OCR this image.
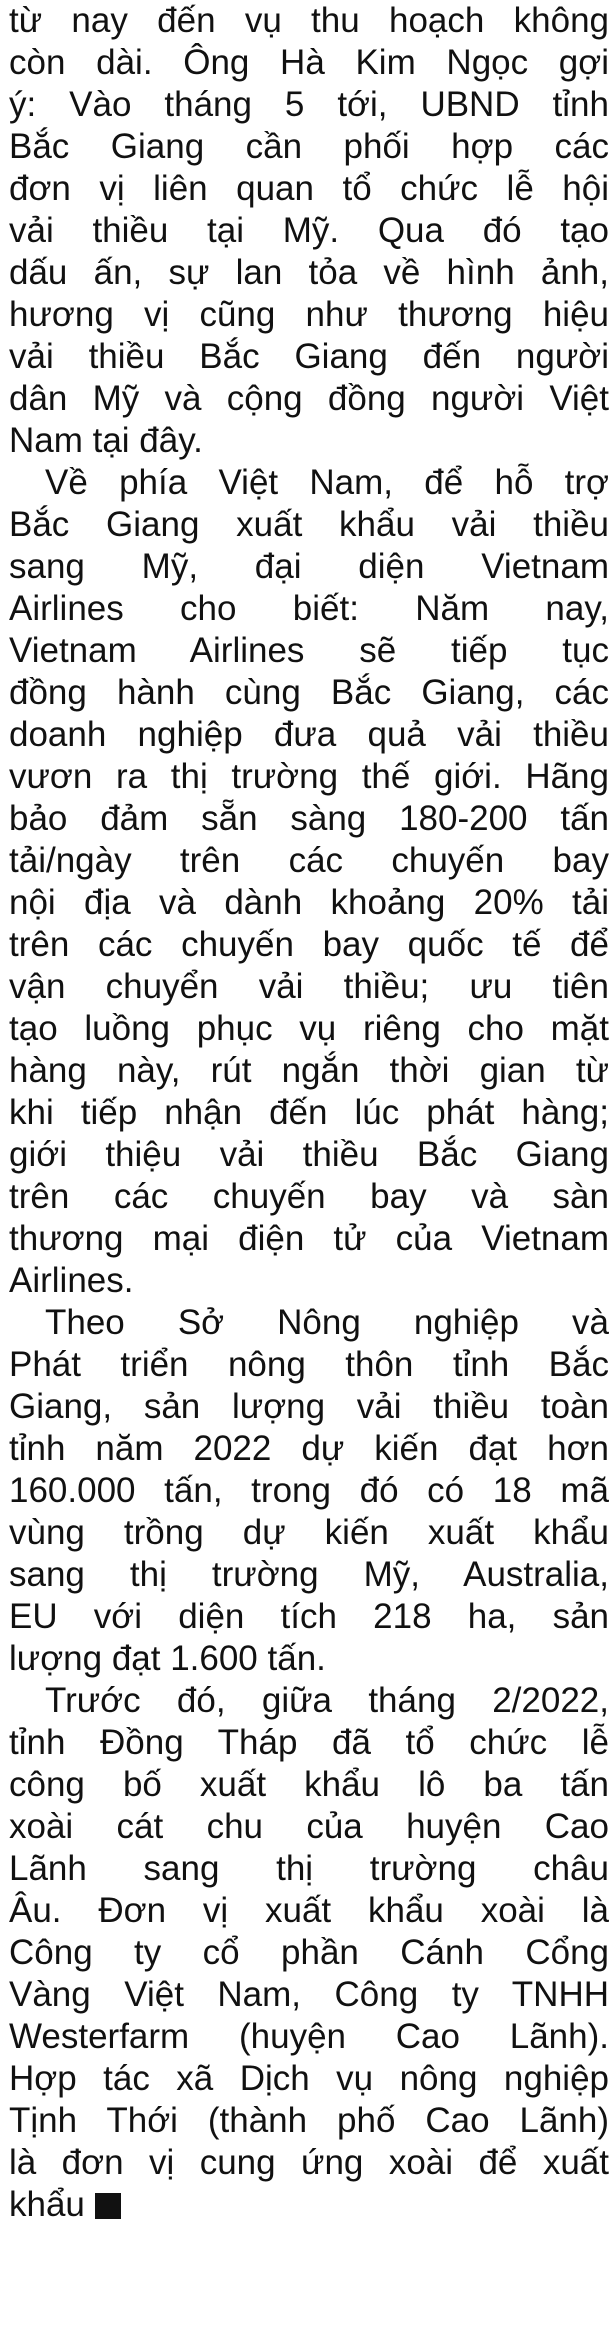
từ nay đến vụ thu hoạch không
còn dài. Ông Hà Kim Ngọc gợi
ý: Vào tháng 5 tới, UBND tỉnh
Bắc Giang cần phối hợp các
đơn vị liên quan tổ chức lễ hội
vải thiều tại Mỹ. Qua đó tạo
dấu ấn, sự lan tỏa về hình ảnh,
hương vị cũng như thương hiệu
vải thiều Bắc Giang đến người
dân Mỹ và cộng đồng người Việt
Nam tại đây.
Về phía Việt Nam, để hỗ trợ
Bắc Giang xuất khẩu vải thiều
sang Mỹ, đại diện Vietnam
Airlines cho biết: Năm nay,
Vietnam Airlines sẽ tiếp tục
đồng hành cùng Bắc Giang, các
doanh nghiệp đưa quả vải thiều
vươn ra thị trường thế giới. Hãng
bảo đảm sẵn sàng 180-200 tấn
tải/ngày trên các chuyến bay
nội địa và dành khoảng 20% tải
trên các chuyến bay quốc tế để
vận chuyển vải thiều; ưu tiên
tạo luồng phục vụ riêng cho mặt
hàng này, rút ngắn thời gian từ
khi tiếp nhận đến lúc phát hàng;
giới thiệu vải thiều Bắc Giang
trên các chuyến bay và sàn
thương mại điện tử của Vietnam
Airlines.
Theo Sở Nông nghiệp và
Phát triển nông thôn tỉnh Bắc
Giang, sản lượng vải thiều toàn
tỉnh năm 2022 dự kiến đạt hơn
160.000 tấn, trong đó có 18 mã
vùng trồng dự kiến xuất khẩu
sang thị trường Mỹ, Australia,
EU với diện tích 218 ha, sản
lượng đạt 1.600 tấn.
Trước đó, giữa tháng 2/2022,
tỉnh Đồng Tháp đã tổ chức lễ
công bố xuất khẩu lô ba tấn
xoài cát chu của huyện Cao
Lãnh sang thị trường châu
Âu. Đơn vị xuất khẩu xoài là
Công ty cổ phần Cánh Cổng
Vàng Việt Nam, Công ty TNHH
Westerfarm (huyện Cao Lãnh).
Hợp tác xã Dịch vụ nông nghiệp
Tịnh Thới (thành phố Cao Lãnh)
là đơn vị cung ứng xoài để xuất
khẩu
